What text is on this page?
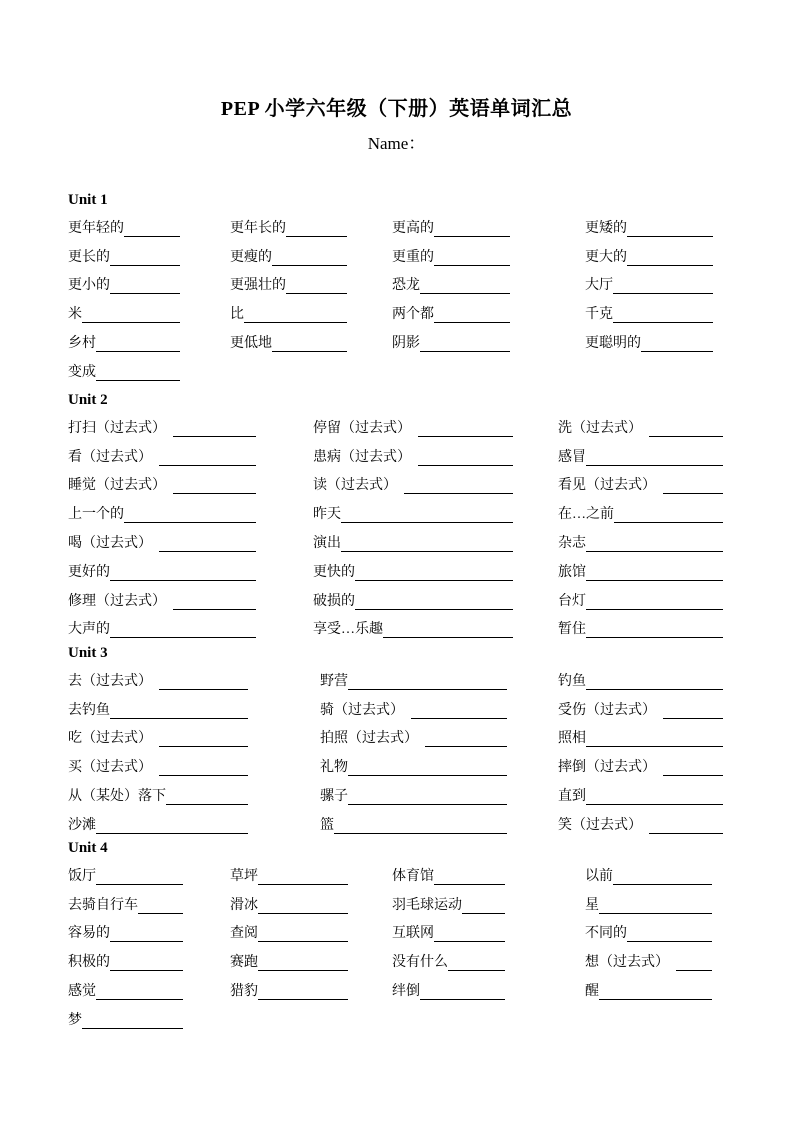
PEP 小学六年级（下册）英语单词汇总
Name：
Unit 1
更年轻的
更长的
更小的
米
乡村
变成
更年长的
更瘦的
更强壮的
比
更低地
更高的
更重的
恐龙
两个都
阴影
更矮的
更大的
大厅
千克
更聪明的
Unit 2
打扫（过去式）
看（过去式）
睡觉（过去式）
上一个的
喝（过去式）
更好的
修理（过去式）
大声的
停留（过去式）
患病（过去式）
读（过去式）
昨天
演出
更快的
破损的
享受…乐趣
洗（过去式）
感冒
看见（过去式）
在…之前
杂志
旅馆
台灯
暂住
Unit 3
去（过去式）
去钓鱼
吃（过去式）
买（过去式）
从（某处）落下
沙滩
野营
骑（过去式）
拍照（过去式）
礼物
骡子
篮
钓鱼
受伤（过去式）
照相
摔倒（过去式）
直到
笑（过去式）
Unit 4
饭厅
去骑自行车
容易的
积极的
感觉
梦
草坪
滑冰
查阅
赛跑
猎豹
体育馆
羽毛球运动
互联网
没有什么
绊倒
以前
星
不同的
想（过去式）
醒
